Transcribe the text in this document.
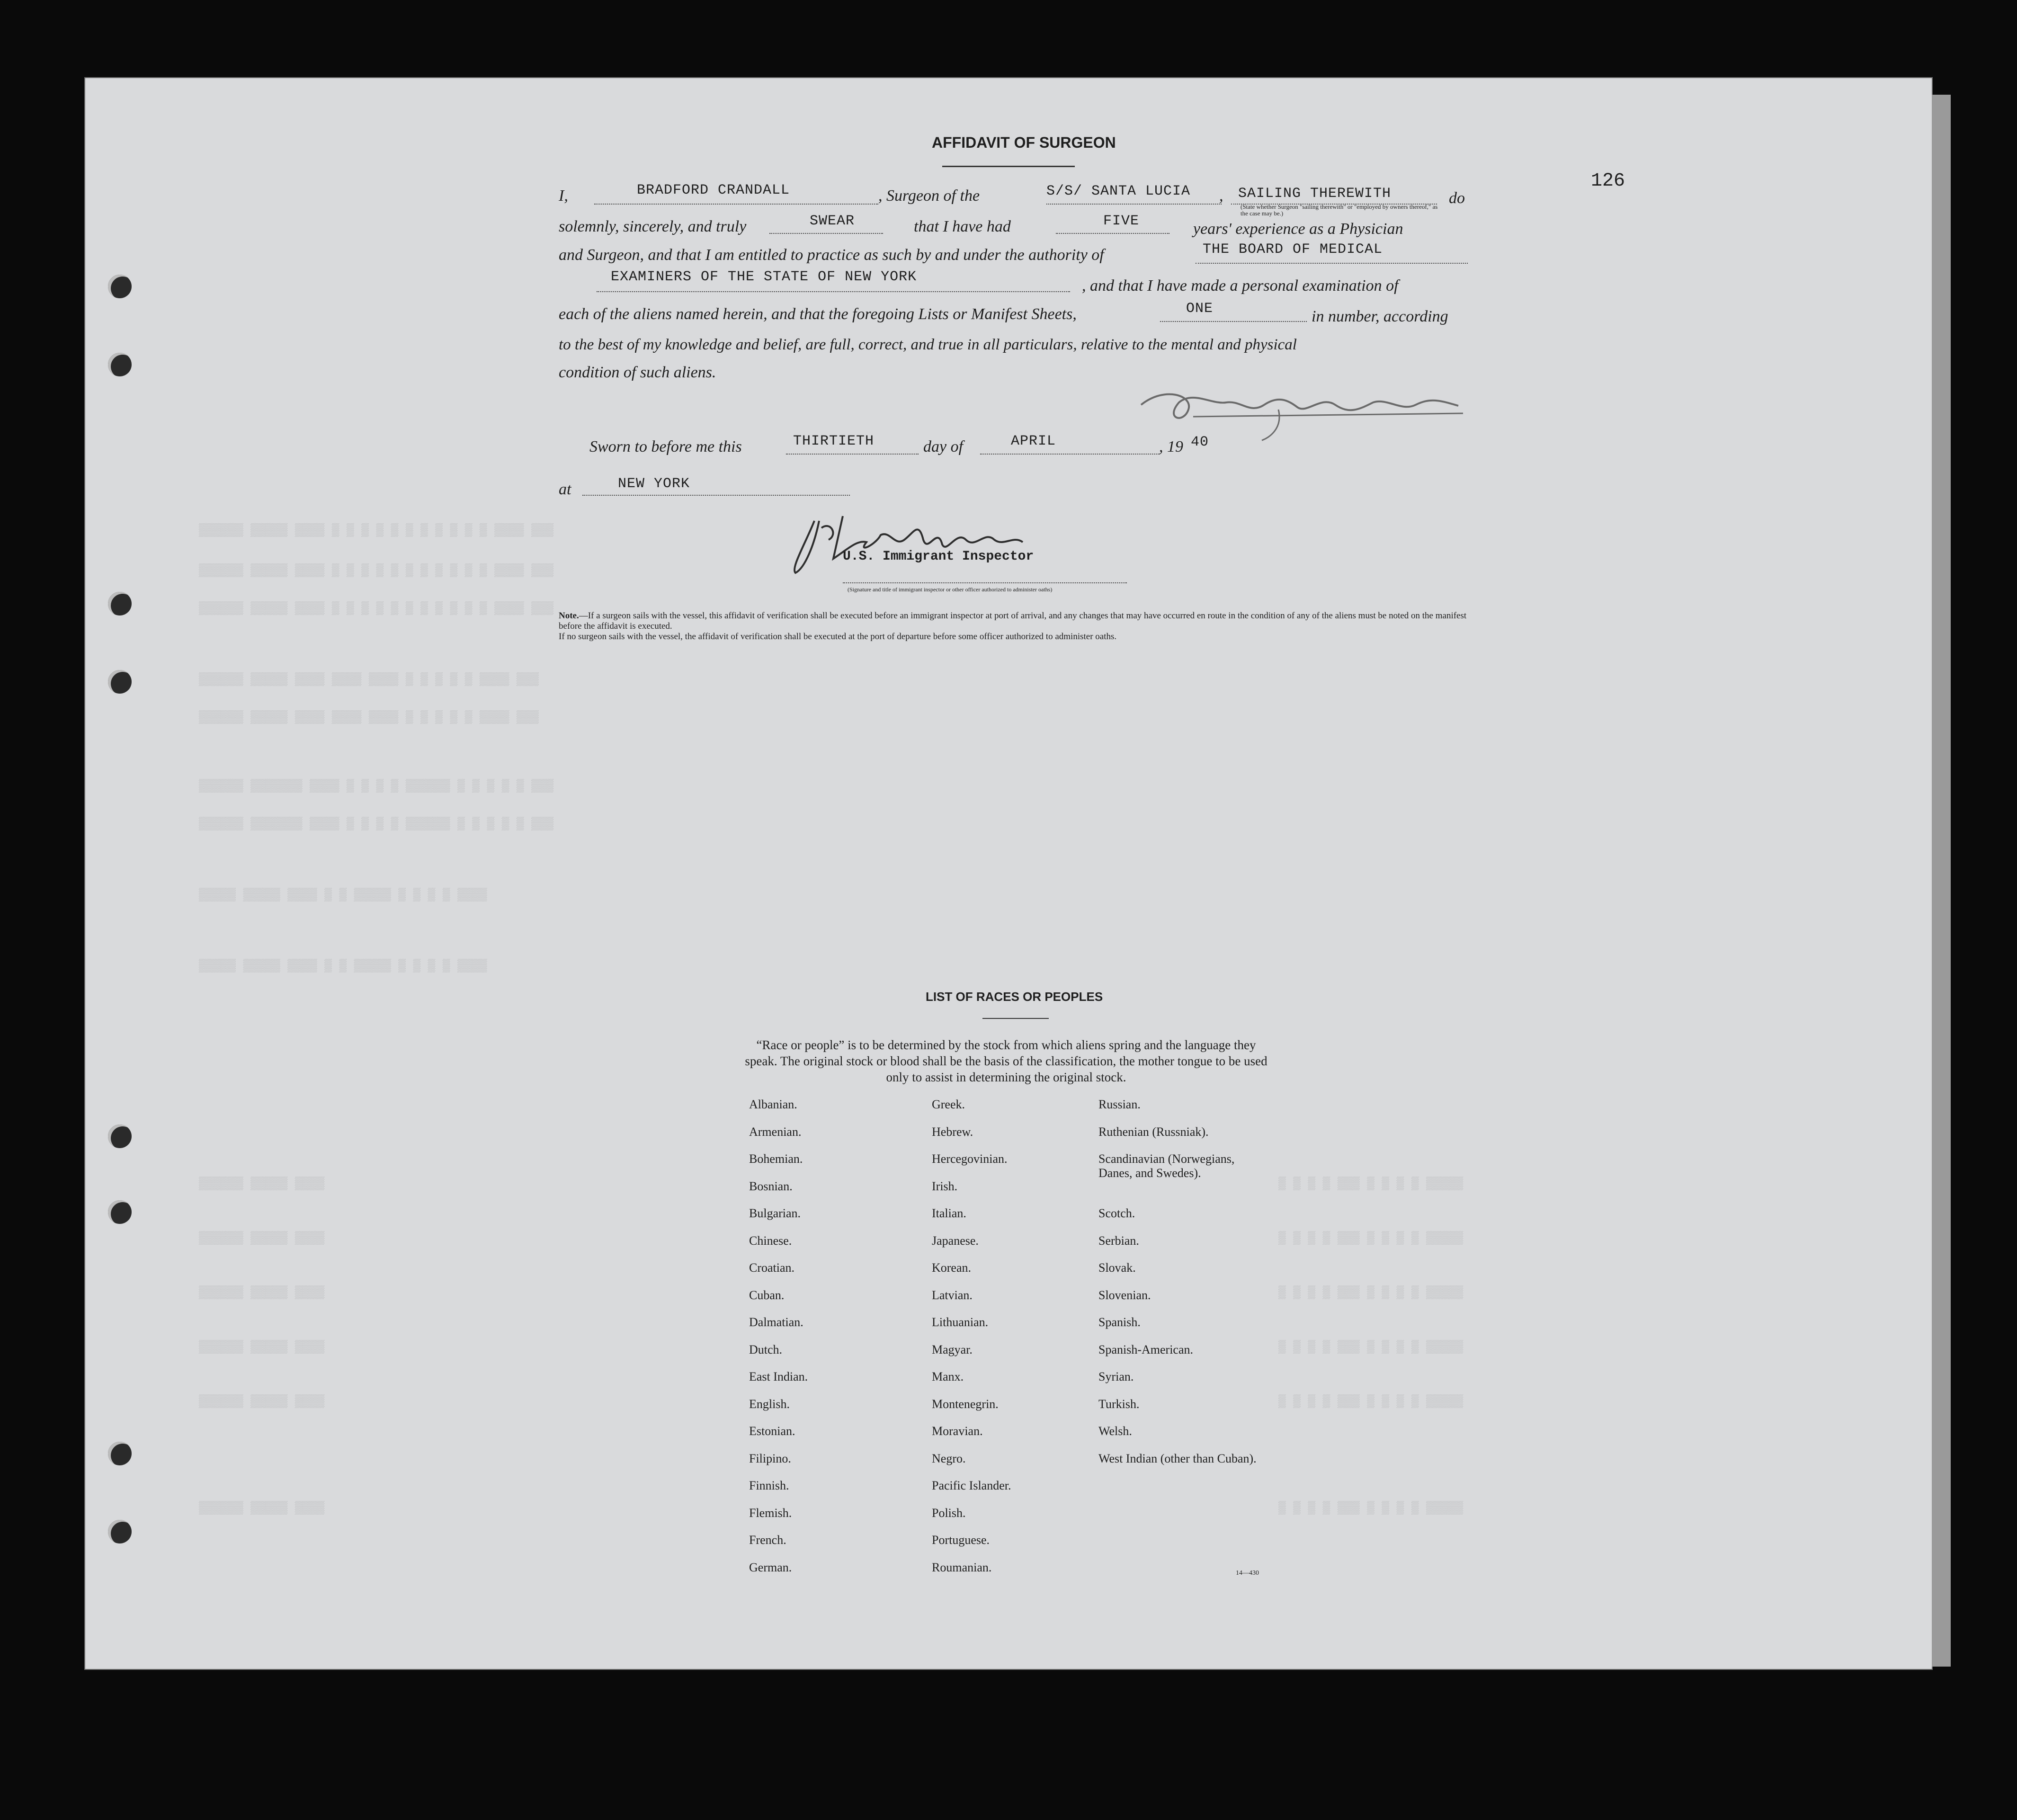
▒▒▒▒▒▒ ▒▒▒▒▒ ▒▒▒▒ ▒ ▒ ▒ ▒ ▒ ▒ ▒ ▒ ▒ ▒ ▒ ▒▒▒▒ ▒▒▒
▒▒▒▒▒▒ ▒▒▒▒▒ ▒▒▒▒ ▒ ▒ ▒ ▒ ▒ ▒ ▒ ▒ ▒ ▒ ▒ ▒▒▒▒ ▒▒▒
▒▒▒▒▒▒ ▒▒▒▒▒ ▒▒▒▒ ▒ ▒ ▒ ▒ ▒ ▒ ▒ ▒ ▒ ▒ ▒ ▒▒▒▒ ▒▒▒
▒▒▒▒▒▒ ▒▒▒▒▒ ▒▒▒▒ ▒▒▒▒ ▒▒▒▒ ▒ ▒ ▒ ▒ ▒ ▒▒▒▒ ▒▒▒
▒▒▒▒▒▒ ▒▒▒▒▒ ▒▒▒▒ ▒▒▒▒ ▒▒▒▒ ▒ ▒ ▒ ▒ ▒ ▒▒▒▒ ▒▒▒
▒▒▒▒▒▒ ▒▒▒▒▒▒▒ ▒▒▒▒ ▒ ▒ ▒ ▒ ▒▒▒▒▒▒ ▒ ▒ ▒ ▒ ▒ ▒▒▒
▒▒▒▒▒▒ ▒▒▒▒▒▒▒ ▒▒▒▒ ▒ ▒ ▒ ▒ ▒▒▒▒▒▒ ▒ ▒ ▒ ▒ ▒ ▒▒▒
▒▒▒▒▒ ▒▒▒▒▒ ▒▒▒▒ ▒ ▒ ▒▒▒▒▒ ▒ ▒ ▒ ▒ ▒▒▒▒
▒▒▒▒▒ ▒▒▒▒▒ ▒▒▒▒ ▒ ▒ ▒▒▒▒▒ ▒ ▒ ▒ ▒ ▒▒▒▒
▒▒▒▒▒▒ ▒▒▒▒▒ ▒▒▒▒
▒▒▒▒▒▒ ▒▒▒▒▒ ▒▒▒▒
▒▒▒▒▒▒ ▒▒▒▒▒ ▒▒▒▒
▒▒▒▒▒▒ ▒▒▒▒▒ ▒▒▒▒
▒▒▒▒▒▒ ▒▒▒▒▒ ▒▒▒▒
▒▒▒▒▒▒ ▒▒▒▒▒ ▒▒▒▒
▒ ▒ ▒ ▒ ▒▒▒ ▒ ▒ ▒ ▒ ▒▒▒▒▒
▒ ▒ ▒ ▒ ▒▒▒ ▒ ▒ ▒ ▒ ▒▒▒▒▒
▒ ▒ ▒ ▒ ▒▒▒ ▒ ▒ ▒ ▒ ▒▒▒▒▒
▒ ▒ ▒ ▒ ▒▒▒ ▒ ▒ ▒ ▒ ▒▒▒▒▒
▒ ▒ ▒ ▒ ▒▒▒ ▒ ▒ ▒ ▒ ▒▒▒▒▒
▒ ▒ ▒ ▒ ▒▒▒ ▒ ▒ ▒ ▒ ▒▒▒▒▒
126
AFFIDAVIT OF SURGEON
I,	BRADFORD CRANDALL	, Surgeon of the	S/S/ SANTA LUCIA , SAILING THEREWITH
(State whether Surgeon "sailing therewith" or "employed by owners thereof," as the case may be.)
do
solemnly, sincerely, and truly	SWEAR	that I have had	FIVE	years' experience as a Physician
and Surgeon, and that I am entitled to practice as such by and under the authority of	THE BOARD OF MEDICAL
EXAMINERS OF THE STATE OF NEW YORK	, and that I have made a personal examination of
each of the aliens named herein, and that the foregoing Lists or Manifest Sheets,	ONE	in number, according
to the best of my knowledge and belief, are full, correct, and true in all particulars, relative to the mental and physical
condition of such aliens.
Sworn to before me this	THIRTIETH	day of	APRIL	, 19 40
at	NEW YORK
U.S. Immigrant Inspector
(Signature and title of immigrant inspector or other officer authorized to administer oaths)
Note.—If a surgeon sails with the vessel, this affidavit of verification shall be executed before an immigrant inspector at port of arrival, and any changes that may have occurred en route in the condition of any of the aliens must be noted on the manifest before the affidavit is executed.
If no surgeon sails with the vessel, the affidavit of verification shall be executed at the port of departure before some officer authorized to administer oaths.
LIST OF RACES OR PEOPLES
“Race or people” is to be determined by the stock from which aliens spring and the language they speak. The original stock or blood shall be the basis of the classification, the mother tongue to be used only to assist in determining the original stock.
Albanian.
Armenian.
Bohemian.
Bosnian.
Bulgarian.
Chinese.
Croatian.
Cuban.
Dalmatian.
Dutch.
East Indian.
English.
Estonian.
Filipino.
Finnish.
Flemish.
French.
German.
Greek.
Hebrew.
Hercegovinian.
Irish.
Italian.
Japanese.
Korean.
Latvian.
Lithuanian.
Magyar.
Manx.
Montenegrin.
Moravian.
Negro.
Pacific Islander.
Polish.
Portuguese.
Roumanian.
Russian.
Ruthenian (Russniak).
Scandinavian (Norwegians, Danes, and Swedes).
Scotch.
Serbian.
Slovak.
Slovenian.
Spanish.
Spanish-American.
Syrian.
Turkish.
Welsh.
West Indian (other than Cuban).
14—430
